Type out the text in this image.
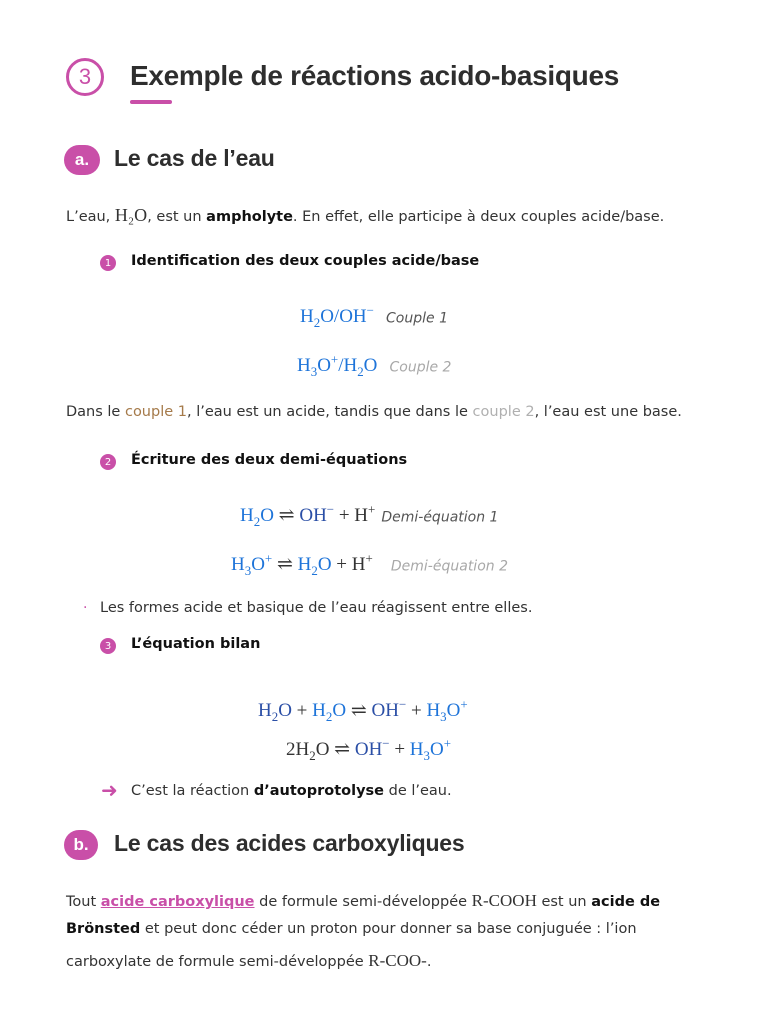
3 Exemple de réactions acido-basiques
a. Le cas de l’eau
L’eau, H₂O, est un ampholyte. En effet, elle participe à deux couples acide/base.
1 Identification des deux couples acide/base
$H_2O/OH^-$ Couple 1
$H_3O^+/H_2O$ Couple 2
Dans le couple 1, l’eau est un acide, tandis que dans le couple 2, l’eau est une base.
2 Écriture des deux demi-équations
$H_2O$ ⇌ OH− + H+ Demi-équation 1
$H_3O^+$ ⇌ $H_2O + H^+$ Demi-équation 2
· Les formes acide et basique de l’eau réagissent entre elles.
3 L’équation bilan
$H_2O + H_2O$ ⇌ $OH^- + H_3O^+$
$2H_2O$ ⇌ $OH^- + H_3O^+$
➜ C’est la réaction d’autoprotolyse de l’eau.
b. Le cas des acides carboxyliques
Tout acide carboxylique de formule semi-développée R-COOH est un acide de
Brönsted et peut donc céder un proton pour donner sa base conjuguée : l’ion
carboxylate de formule semi-développée R-COO-.
